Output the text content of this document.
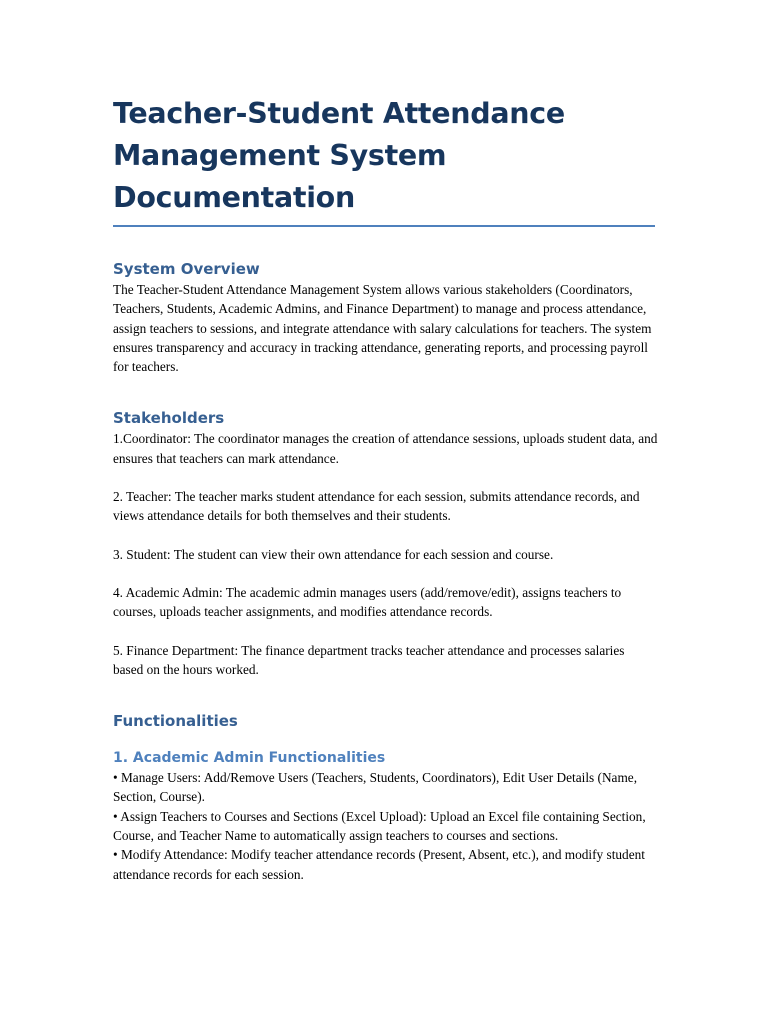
Teacher-Student Attendance
Management System Documentation
System Overview

The Teacher-Student Attendance Management System allows various stakeholders (Coordinators, Teachers, Students, Academic Admins, and Finance Department) to manage and process attendance, assign teachers to sessions, and integrate attendance with salary calculations for teachers. The system ensures transparency and accuracy in tracking attendance, generating reports, and processing payroll for teachers.

Stakeholders

1.Coordinator: The coordinator manages the creation of attendance sessions, uploads student data, and ensures that teachers can mark attendance.

2. Teacher: The teacher marks student attendance for each session, submits attendance records, and views attendance details for both themselves and their students.

3. Student: The student can view their own attendance for each session and course.

4. Academic Admin: The academic admin manages users (add/remove/edit), assigns teachers to courses, uploads teacher assignments, and modifies attendance records.

5. Finance Department: The finance department tracks teacher attendance and processes salaries based on the hours worked.

Functionalities
1. Academic Admin Functionalities

• Manage Users: Add/Remove Users (Teachers, Students, Coordinators), Edit User Details (Name, Section, Course).

• Assign Teachers to Courses and Sections (Excel Upload): Upload an Excel file containing Section, Course, and Teacher Name to automatically assign teachers to courses and sections.

• Modify Attendance: Modify teacher attendance records (Present, Absent, etc.), and modify student attendance records for each session.
